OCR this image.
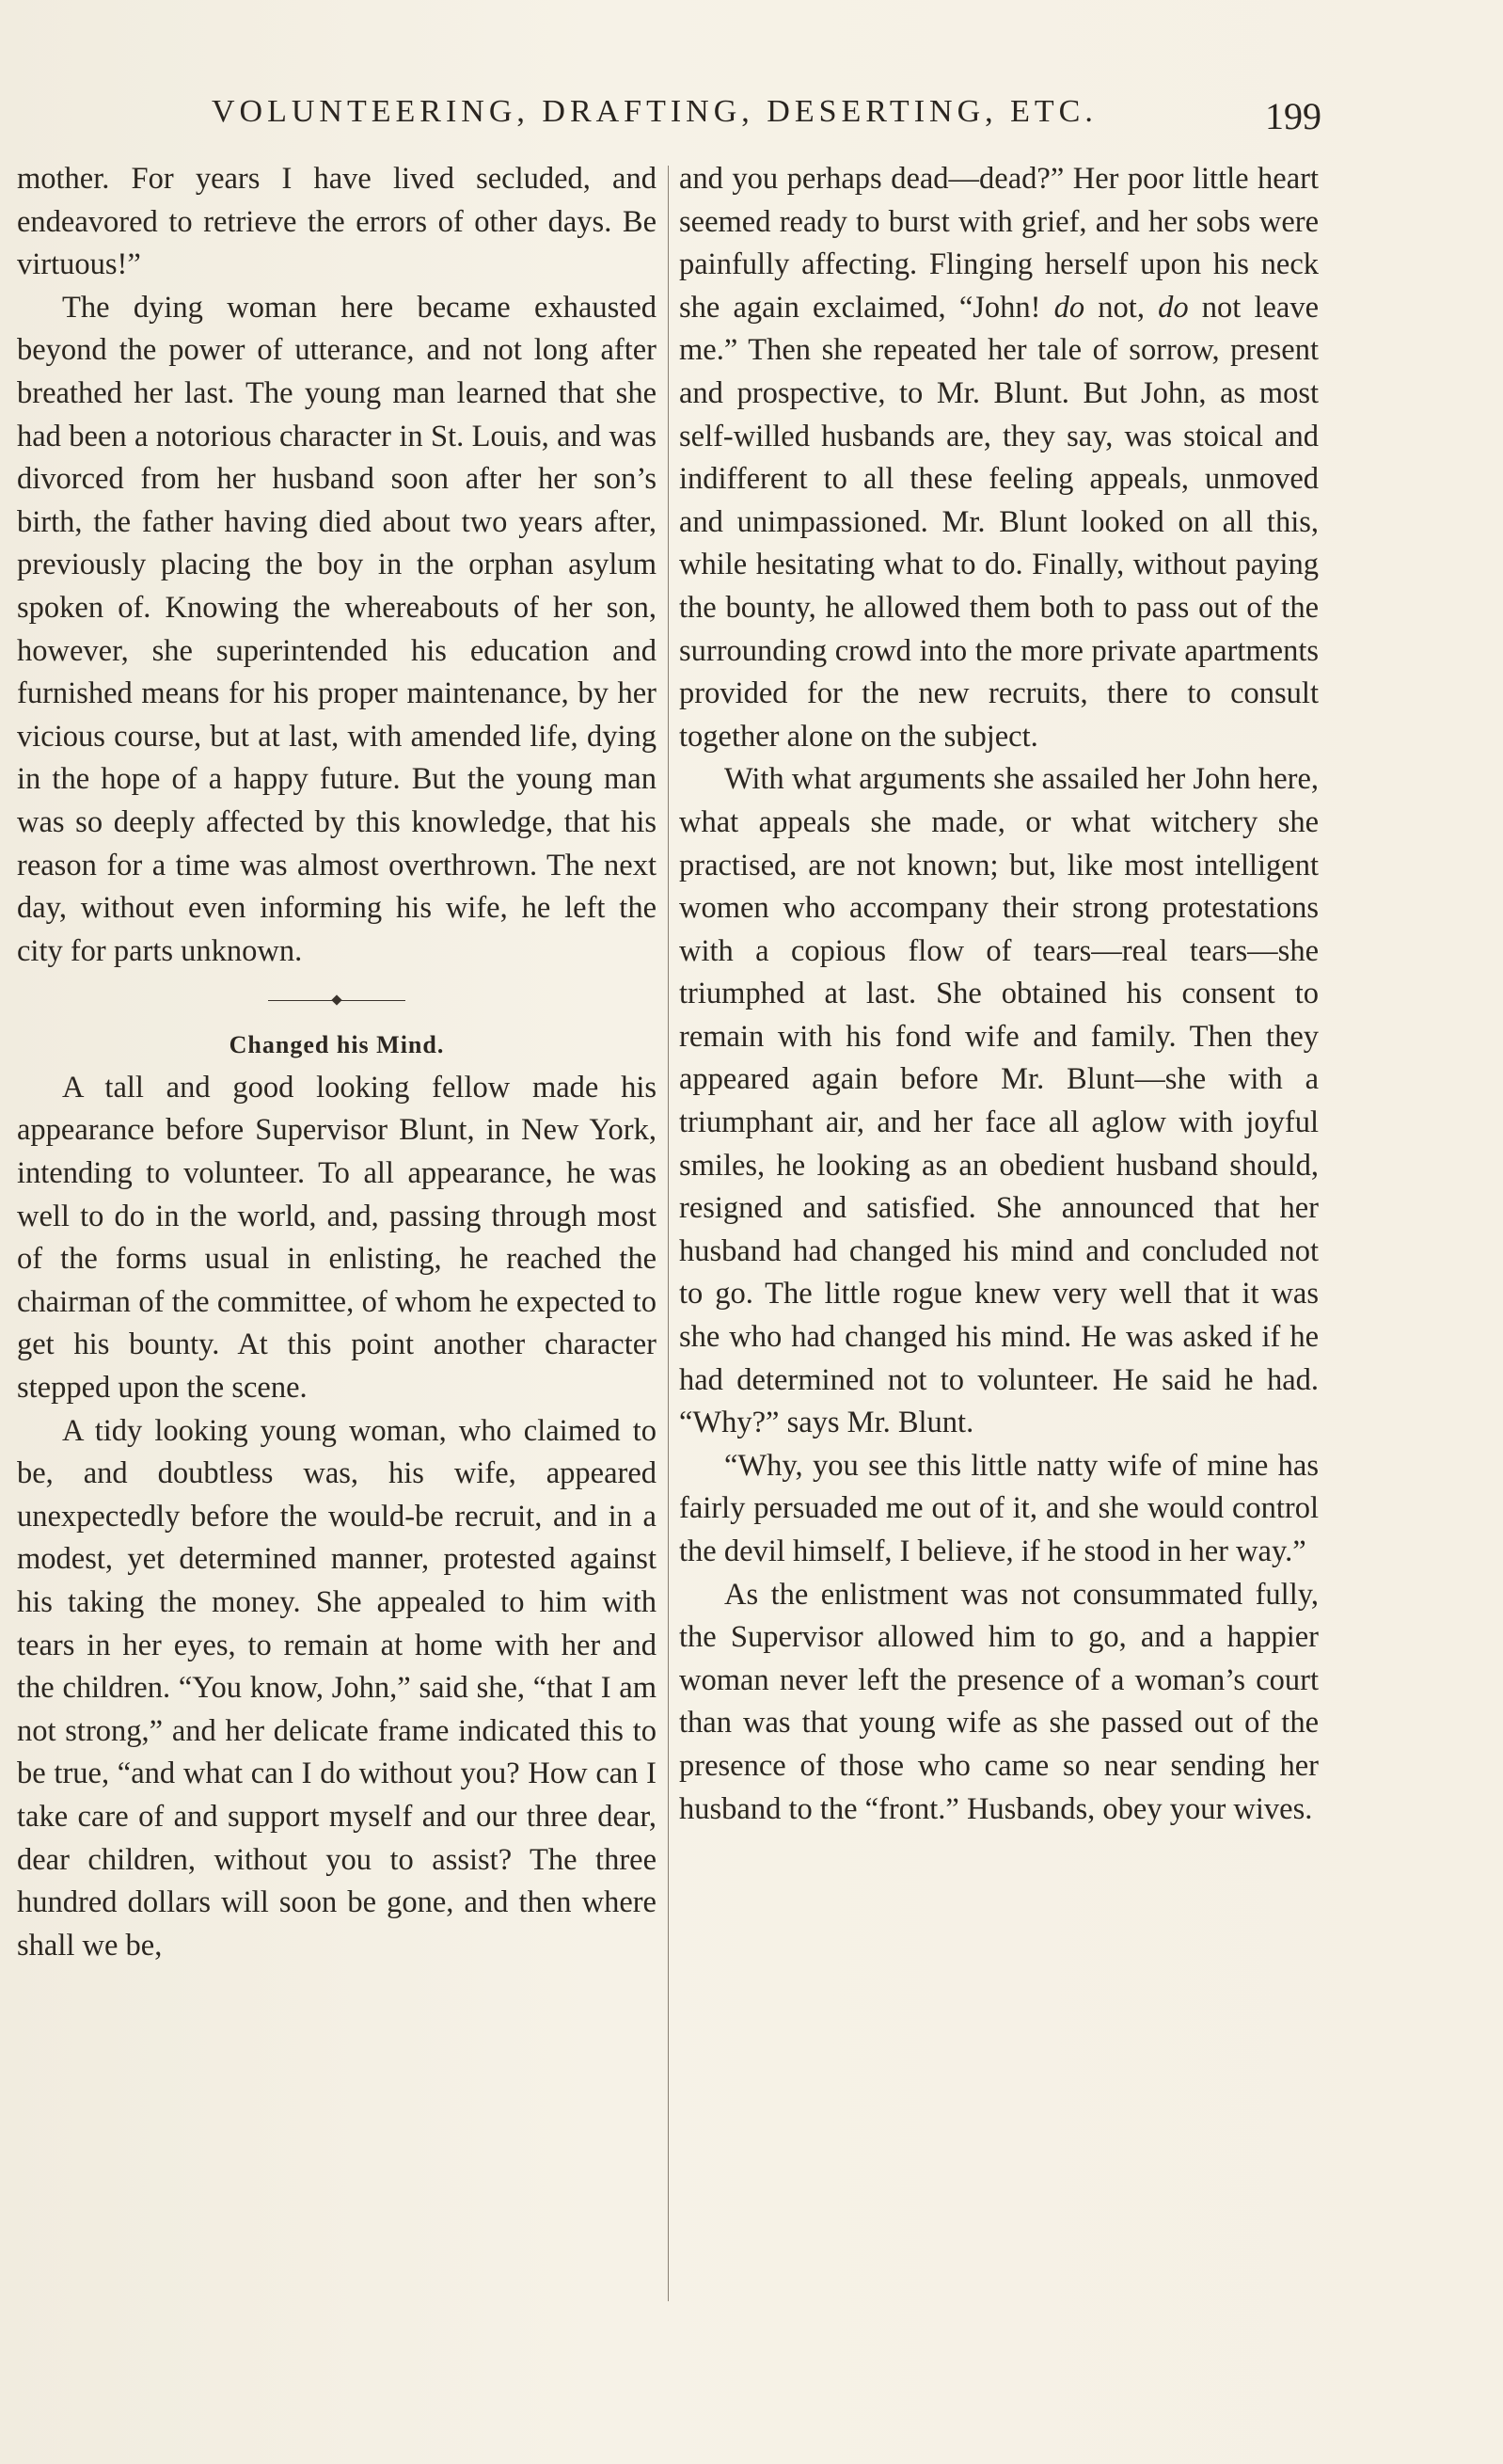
VOLUNTEERING, DRAFTING, DESERTING, ETC.	199

mother. For years I have lived secluded, and endeavored to retrieve the errors of other days. Be virtuous!”

The dying woman here became exhausted beyond the power of utterance, and not long after breathed her last. The young man learned that she had been a notorious character in St. Louis, and was divorced from her husband soon after her son’s birth, the father having died about two years after, previously placing the boy in the orphan asylum spoken of. Knowing the whereabouts of her son, however, she superintended his education and furnished means for his proper maintenance, by her vicious course, but at last, with amended life, dying in the hope of a happy future. But the young man was so deeply affected by this knowledge, that his reason for a time was almost overthrown. The next day, without even informing his wife, he left the city for parts unknown.

Changed his Mind.

A tall and good looking fellow made his appearance before Supervisor Blunt, in New York, intending to volunteer. To all appearance, he was well to do in the world, and, passing through most of the forms usual in enlisting, he reached the chairman of the committee, of whom he expected to get his bounty. At this point another character stepped upon the scene.

A tidy looking young woman, who claimed to be, and doubtless was, his wife, appeared unexpectedly before the would-be recruit, and in a modest, yet determined manner, protested against his taking the money. She appealed to him with tears in her eyes, to remain at home with her and the children. “You know, John,” said she, “that I am not strong,” and her delicate frame indicated this to be true, “and what can I do without you? How can I take care of and support myself and our three dear, dear children, without you to assist? The three hundred dollars will soon be gone, and then where shall we be,

and you perhaps dead—dead?” Her poor little heart seemed ready to burst with grief, and her sobs were painfully affecting. Flinging herself upon his neck she again exclaimed, “John! do not, do not leave me.” Then she repeated her tale of sorrow, present and prospective, to Mr. Blunt. But John, as most self-willed husbands are, they say, was stoical and indifferent to all these feeling appeals, unmoved and unimpassioned. Mr. Blunt looked on all this, while hesitating what to do. Finally, without paying the bounty, he allowed them both to pass out of the surrounding crowd into the more private apartments provided for the new recruits, there to consult together alone on the subject.

With what arguments she assailed her John here, what appeals she made, or what witchery she practised, are not known; but, like most intelligent women who accompany their strong protestations with a copious flow of tears—real tears—she triumphed at last. She obtained his consent to remain with his fond wife and family. Then they appeared again before Mr. Blunt—she with a triumphant air, and her face all aglow with joyful smiles, he looking as an obedient husband should, resigned and satisfied. She announced that her husband had changed his mind and concluded not to go. The little rogue knew very well that it was she who had changed his mind. He was asked if he had determined not to volunteer. He said he had. “Why?” says Mr. Blunt.

“Why, you see this little natty wife of mine has fairly persuaded me out of it, and she would control the devil himself, I believe, if he stood in her way.”

As the enlistment was not consummated fully, the Supervisor allowed him to go, and a happier woman never left the presence of a woman’s court than was that young wife as she passed out of the presence of those who came so near sending her husband to the “front.” Husbands, obey your wives.
